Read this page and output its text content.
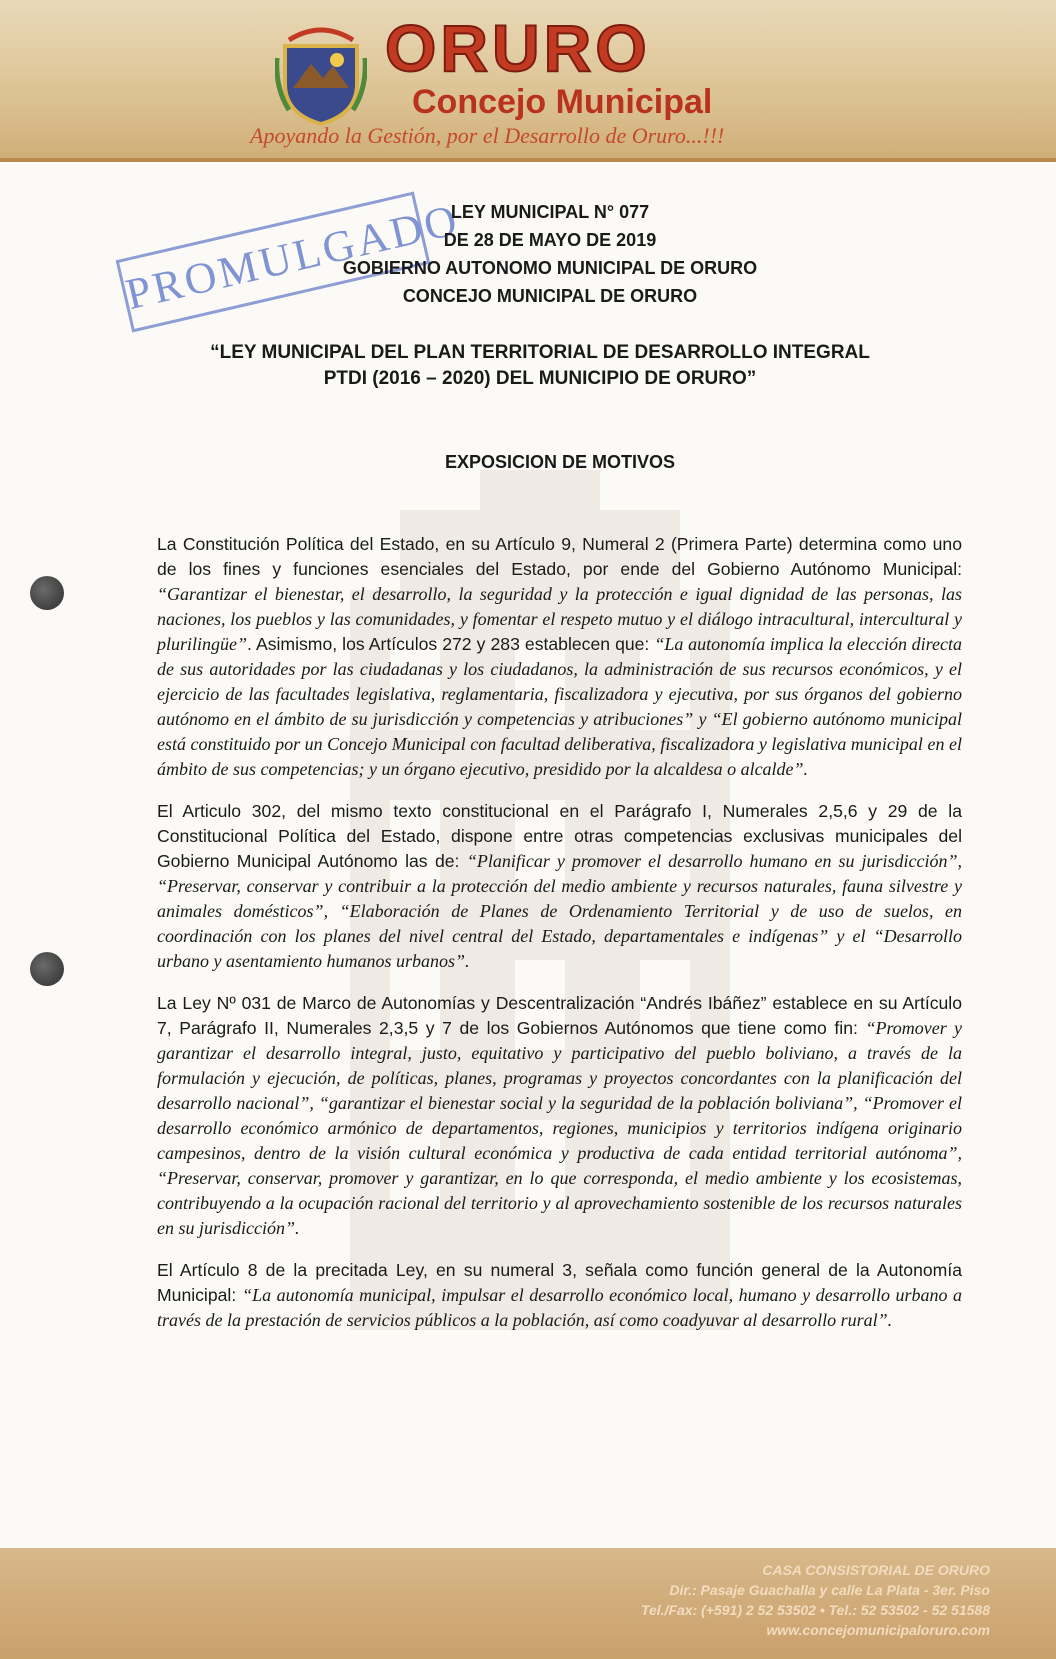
ORURO
Concejo Municipal
Apoyando la Gestión, por el Desarrollo de Oruro...!!!
PROMULGADO
LEY MUNICIPAL N° 077
DE 28 DE MAYO DE 2019
GOBIERNO AUTONOMO MUNICIPAL DE ORURO
CONCEJO MUNICIPAL DE ORURO
“LEY MUNICIPAL DEL PLAN TERRITORIAL DE DESARROLLO INTEGRAL
PTDI (2016 – 2020) DEL MUNICIPIO DE ORURO”
EXPOSICION DE MOTIVOS

La Constitución Política del Estado, en su Artículo 9, Numeral 2 (Primera Parte) determina como uno de los fines y funciones esenciales del Estado, por ende del Gobierno Autónomo Municipal: “Garantizar el bienestar, el desarrollo, la seguridad y la protección e igual dignidad de las personas, las naciones, los pueblos y las comunidades, y fomentar el respeto mutuo y el diálogo intracultural, intercultural y plurilingüe”. Asimismo, los Artículos 272 y 283 establecen que: “La autonomía implica la elección directa de sus autoridades por las ciudadanas y los ciudadanos, la administración de sus recursos económicos, y el ejercicio de las facultades legislativa, reglamentaria, fiscalizadora y ejecutiva, por sus órganos del gobierno autónomo en el ámbito de su jurisdicción y competencias y atribuciones” y “El gobierno autónomo municipal está constituido por un Concejo Municipal con facultad deliberativa, fiscalizadora y legislativa municipal en el ámbito de sus competencias; y un órgano ejecutivo, presidido por la alcaldesa o alcalde”.

El Articulo 302, del mismo texto constitucional en el Parágrafo I, Numerales 2,5,6 y 29 de la Constitucional Política del Estado, dispone entre otras competencias exclusivas municipales del Gobierno Municipal Autónomo las de: “Planificar y promover el desarrollo humano en su jurisdicción”, “Preservar, conservar y contribuir a la protección del medio ambiente y recursos naturales, fauna silvestre y animales domésticos”, “Elaboración de Planes de Ordenamiento Territorial y de uso de suelos, en coordinación con los planes del nivel central del Estado, departamentales e indígenas” y el “Desarrollo urbano y asentamiento humanos urbanos”.

La Ley Nº 031 de Marco de Autonomías y Descentralización “Andrés Ibáñez” establece en su Artículo 7, Parágrafo II, Numerales 2,3,5 y 7 de los Gobiernos Autónomos que tiene como fin: “Promover y garantizar el desarrollo integral, justo, equitativo y participativo del pueblo boliviano, a través de la formulación y ejecución, de políticas, planes, programas y proyectos concordantes con la planificación del desarrollo nacional”, “garantizar el bienestar social y la seguridad de la población boliviana”, “Promover el desarrollo económico armónico de departamentos, regiones, municipios y territorios indígena originario campesinos, dentro de la visión cultural económica y productiva de cada entidad territorial autónoma”, “Preservar, conservar, promover y garantizar, en lo que corresponda, el medio ambiente y los ecosistemas, contribuyendo a la ocupación racional del territorio y al aprovechamiento sostenible de los recursos naturales en su jurisdicción”.

El Artículo 8 de la precitada Ley, en su numeral 3, señala como función general de la Autonomía Municipal: “La autonomía municipal, impulsar el desarrollo económico local, humano y desarrollo urbano a través de la prestación de servicios públicos a la población, así como coadyuvar al desarrollo rural”.

CASA CONSISTORIAL DE ORURO
Dir.: Pasaje Guachalla y calle La Plata - 3er. Piso
Tel./Fax: (+591) 2 52 53502 • Tel.: 52 53502 - 52 51588
www.concejomunicipaloruro.com
